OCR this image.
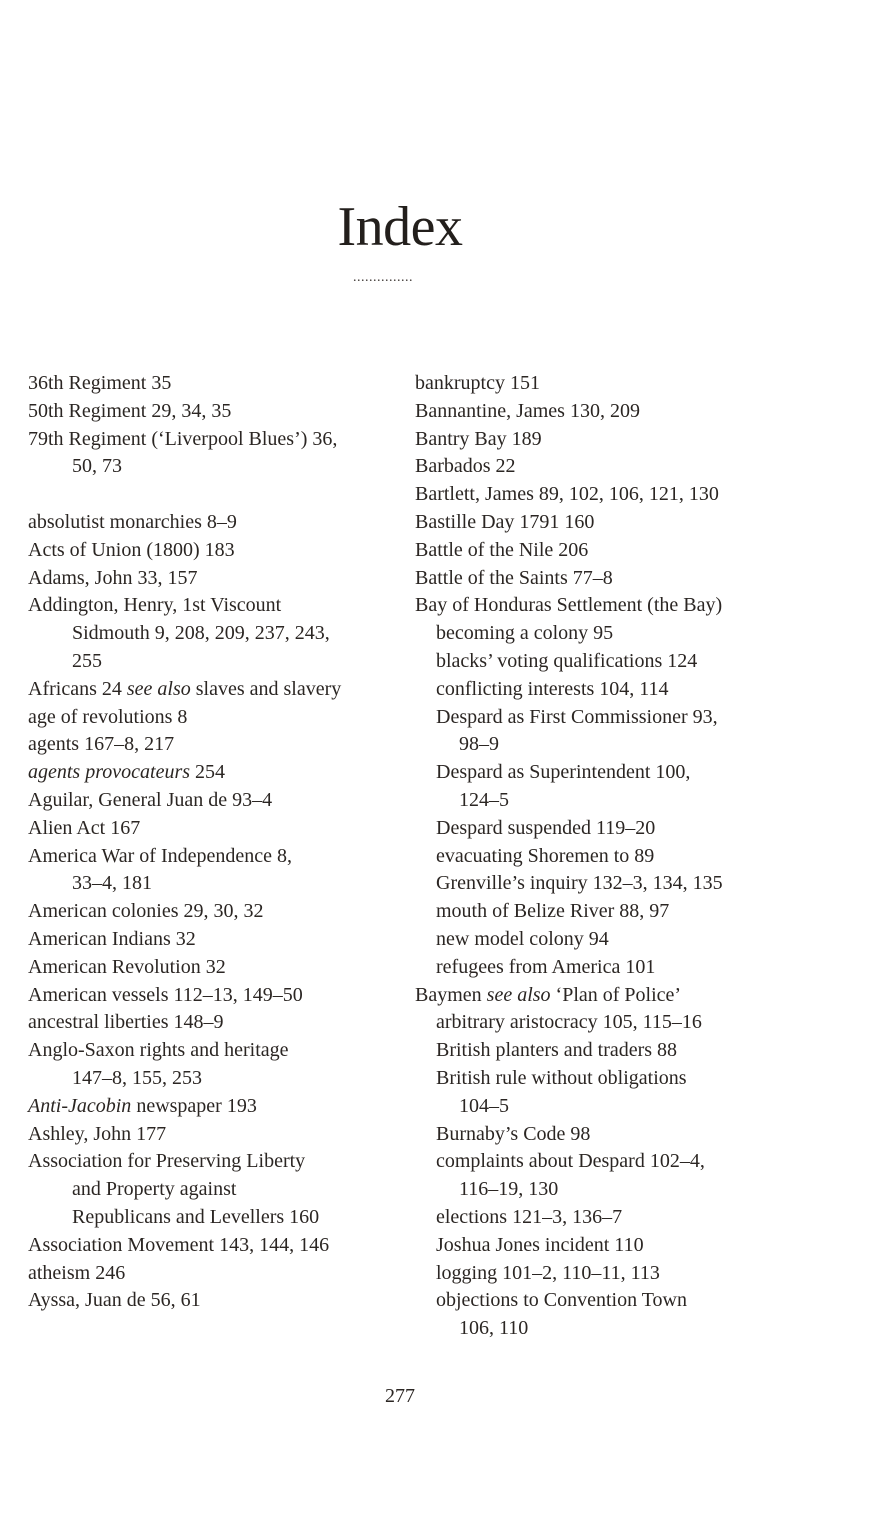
Index
...............
36th Regiment 35
50th Regiment 29, 34, 35
79th Regiment (‘Liverpool Blues’) 36,
50, 73
absolutist monarchies 8–9
Acts of Union (1800) 183
Adams, John 33, 157
Addington, Henry, 1st Viscount
Sidmouth 9, 208, 209, 237, 243,
255
Africans 24 see also slaves and slavery
age of revolutions 8
agents 167–8, 217
agents provocateurs 254
Aguilar, General Juan de 93–4
Alien Act 167
America War of Independence 8,
33–4, 181
American colonies 29, 30, 32
American Indians 32
American Revolution 32
American vessels 112–13, 149–50
ancestral liberties 148–9
Anglo-Saxon rights and heritage
147–8, 155, 253
Anti-Jacobin newspaper 193
Ashley, John 177
Association for Preserving Liberty
and Property against
Republicans and Levellers 160
Association Movement 143, 144, 146
atheism 246
Ayssa, Juan de 56, 61
bankruptcy 151
Bannantine, James 130, 209
Bantry Bay 189
Barbados 22
Bartlett, James 89, 102, 106, 121, 130
Bastille Day 1791 160
Battle of the Nile 206
Battle of the Saints 77–8
Bay of Honduras Settlement (the Bay)
becoming a colony 95
blacks’ voting qualifications 124
conflicting interests 104, 114
Despard as First Commissioner 93,
98–9
Despard as Superintendent 100,
124–5
Despard suspended 119–20
evacuating Shoremen to 89
Grenville’s inquiry 132–3, 134, 135
mouth of Belize River 88, 97
new model colony 94
refugees from America 101
Baymen see also ‘Plan of Police’
arbitrary aristocracy 105, 115–16
British planters and traders 88
British rule without obligations
104–5
Burnaby’s Code 98
complaints about Despard 102–4,
116–19, 130
elections 121–3, 136–7
Joshua Jones incident 110
logging 101–2, 110–11, 113
objections to Convention Town
106, 110
277
